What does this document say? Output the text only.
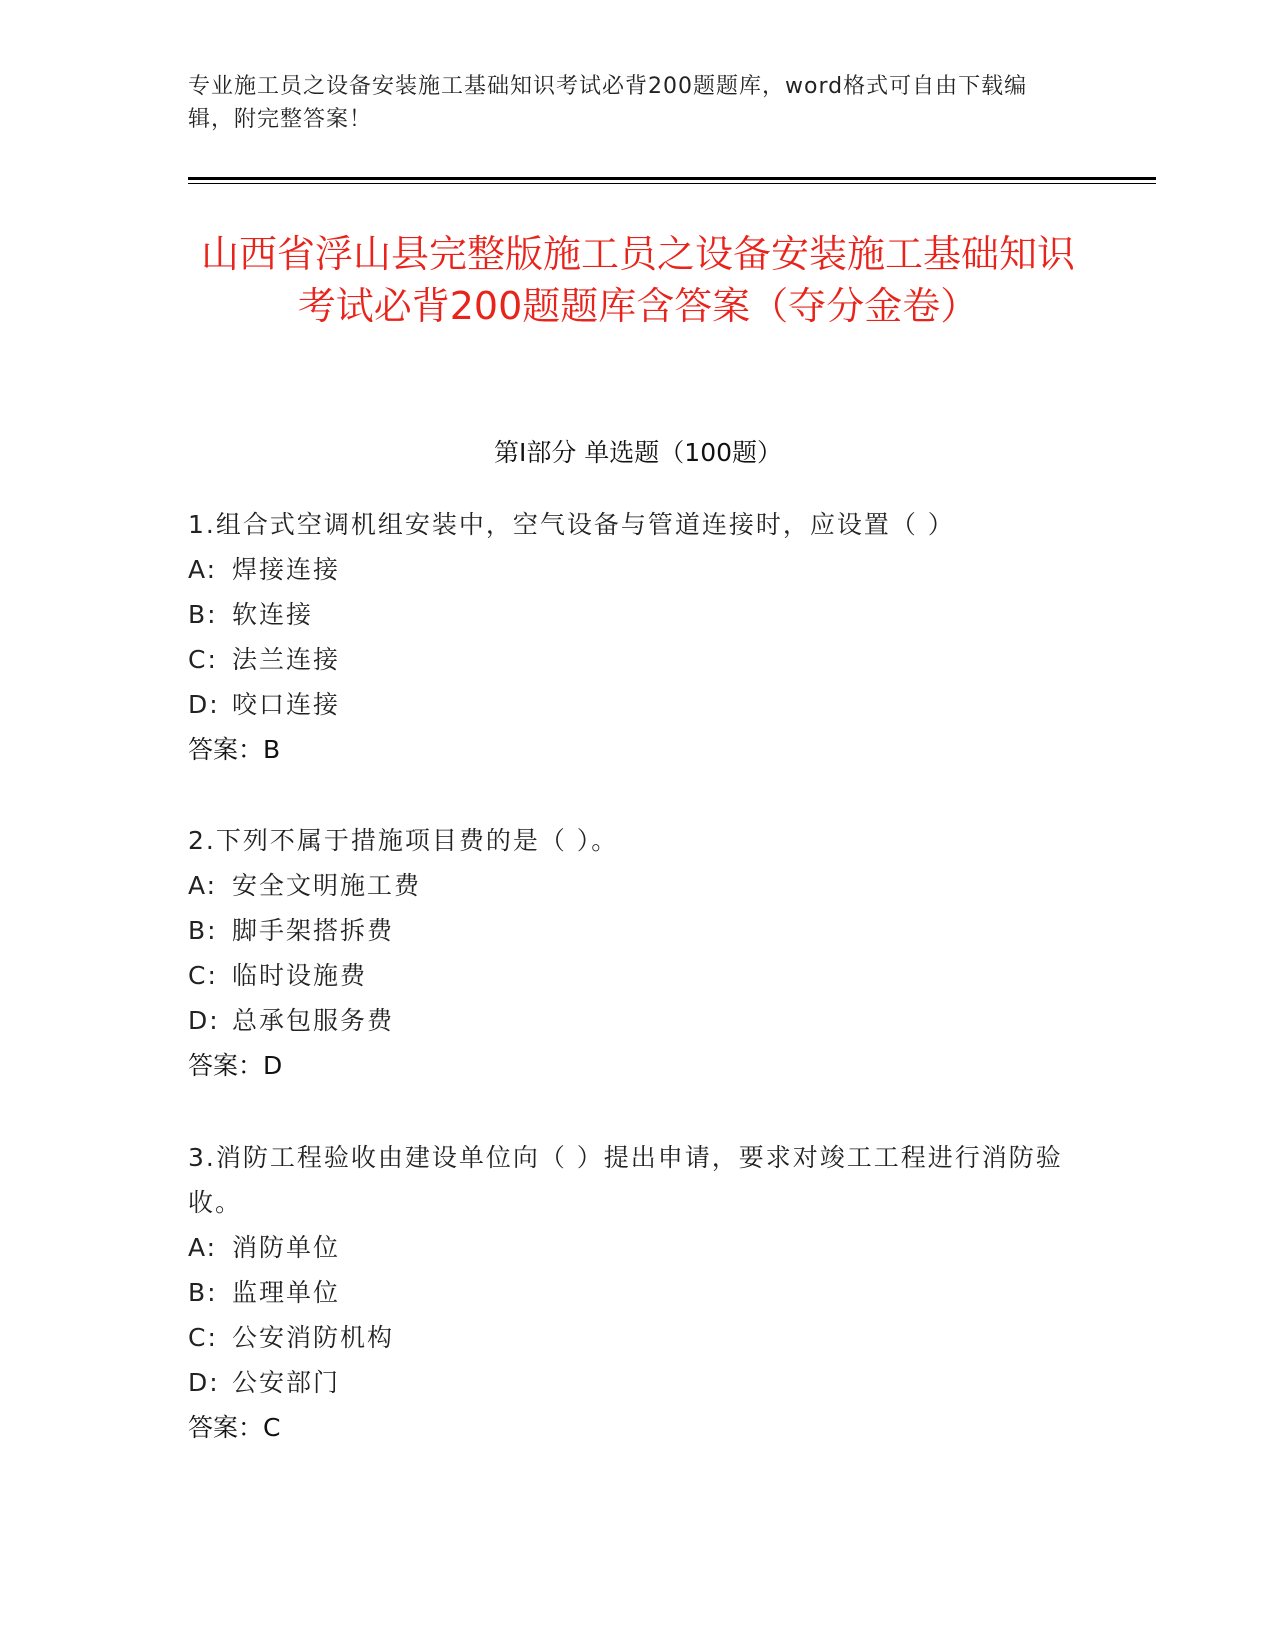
专业施工员之设备安装施工基础知识考试必背200题题库，word格式可自由下载编辑，附完整答案！
山西省浮山县完整版施工员之设备安装施工基础知识考试必背200题题库含答案（夺分金卷）
第Ⅰ部分 单选题（100题）
1.组合式空调机组安装中，空气设备与管道连接时，应设置（ ）
A: 焊接连接
B: 软连接
C: 法兰连接
D: 咬口连接
答案：B
2.下列不属于措施项目费的是（ ）。
A: 安全文明施工费
B: 脚手架搭拆费
C: 临时设施费
D: 总承包服务费
答案：D
3.消防工程验收由建设单位向（ ）提出申请，要求对竣工工程进行消防验收。
A: 消防单位
B: 监理单位
C: 公安消防机构
D: 公安部门
答案：C
